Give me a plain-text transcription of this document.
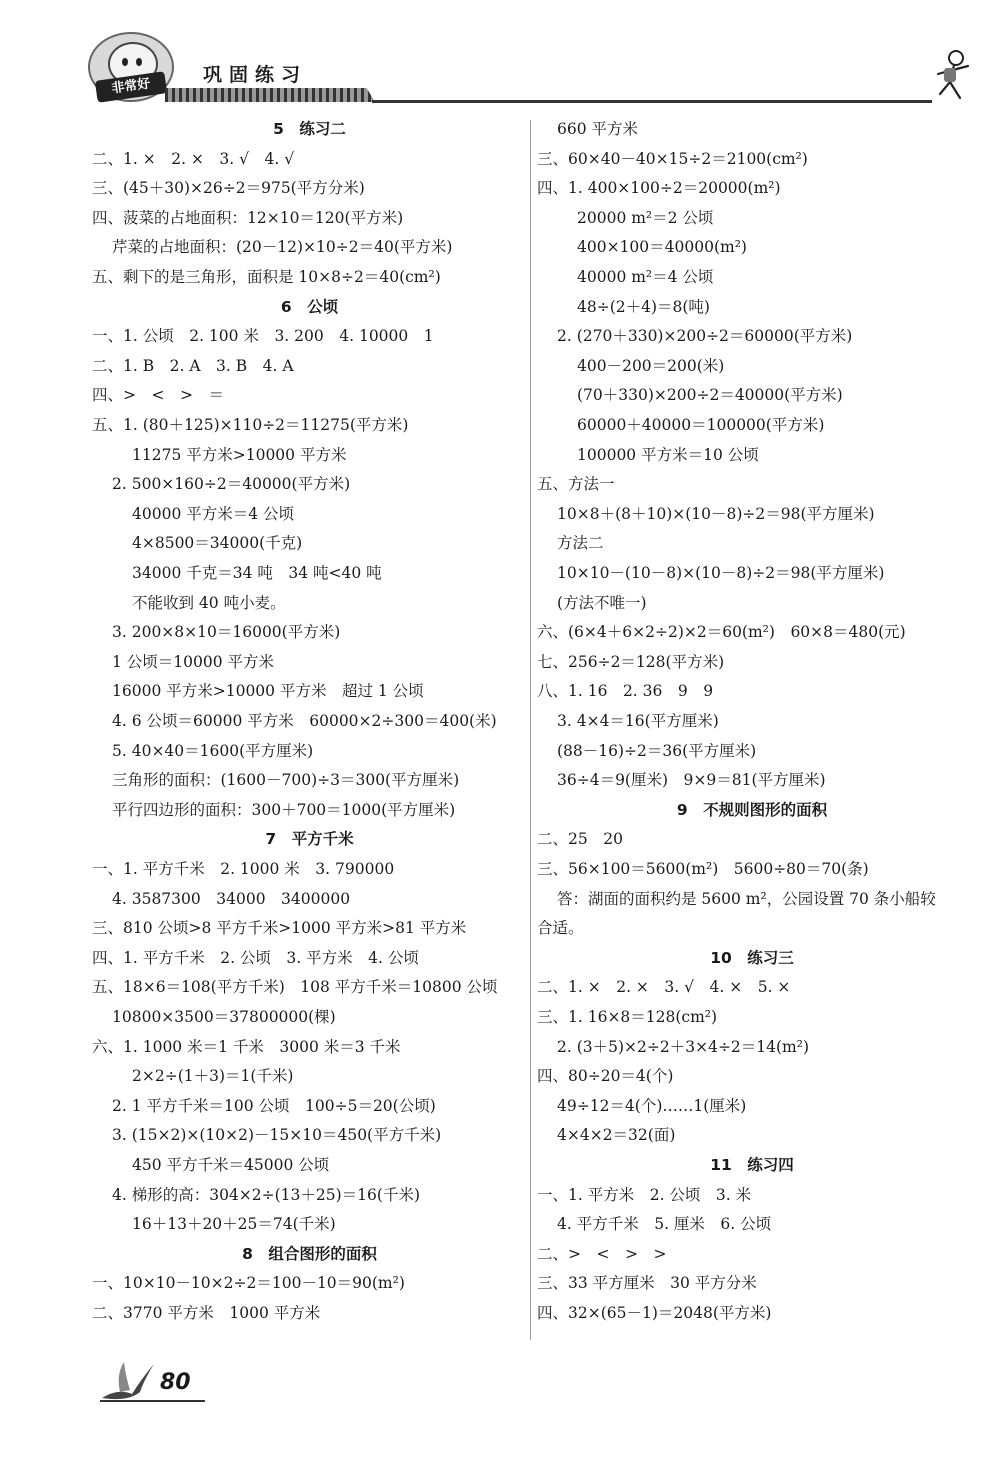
非常好
巩固练习
5　练习二
二、1. ×　2. ×　3. √　4. √
三、(45＋30)×26÷2＝975(平方分米)
四、菠菜的占地面积：12×10＝120(平方米)
芹菜的占地面积：(20－12)×10÷2＝40(平方米)
五、剩下的是三角形，面积是 10×8÷2＝40(cm²)
6　公顷
一、1. 公顷　2. 100 米　3. 200　4. 10000　1
二、1. B　2. A　3. B　4. A
四、>　<　>　＝
五、1. (80＋125)×110÷2＝11275(平方米)
11275 平方米>10000 平方米
2. 500×160÷2＝40000(平方米)
40000 平方米＝4 公顷
4×8500＝34000(千克)
34000 千克＝34 吨　34 吨<40 吨
不能收到 40 吨小麦。
3. 200×8×10＝16000(平方米)
1 公顷＝10000 平方米
16000 平方米>10000 平方米　超过 1 公顷
4. 6 公顷＝60000 平方米　60000×2÷300＝400(米)
5. 40×40＝1600(平方厘米)
三角形的面积：(1600－700)÷3＝300(平方厘米)
平行四边形的面积：300＋700＝1000(平方厘米)
7　平方千米
一、1. 平方千米　2. 1000 米　3. 790000
4. 3587300　34000　3400000
三、810 公顷>8 平方千米>1000 平方米>81 平方米
四、1. 平方千米　2. 公顷　3. 平方米　4. 公顷
五、18×6＝108(平方千米)　108 平方千米＝10800 公顷
10800×3500＝37800000(棵)
六、1. 1000 米＝1 千米　3000 米＝3 千米
2×2÷(1＋3)＝1(千米)
2. 1 平方千米＝100 公顷　100÷5＝20(公顷)
3. (15×2)×(10×2)－15×10＝450(平方千米)
450 平方千米＝45000 公顷
4. 梯形的高：304×2÷(13＋25)＝16(千米)
16＋13＋20＋25＝74(千米)
8　组合图形的面积
一、10×10－10×2÷2＝100－10＝90(m²)
二、3770 平方米　1000 平方米
660 平方米
三、60×40－40×15÷2＝2100(cm²)
四、1. 400×100÷2＝20000(m²)
20000 m²＝2 公顷
400×100＝40000(m²)
40000 m²＝4 公顷
48÷(2＋4)＝8(吨)
2. (270＋330)×200÷2＝60000(平方米)
400－200＝200(米)
(70＋330)×200÷2＝40000(平方米)
60000＋40000＝100000(平方米)
100000 平方米＝10 公顷
五、方法一
10×8＋(8＋10)×(10－8)÷2＝98(平方厘米)
方法二
10×10－(10－8)×(10－8)÷2＝98(平方厘米)
(方法不唯一)
六、(6×4＋6×2÷2)×2＝60(m²)　60×8＝480(元)
七、256÷2＝128(平方米)
八、1. 16　2. 36　9　9
3. 4×4＝16(平方厘米)
(88－16)÷2＝36(平方厘米)
36÷4＝9(厘米)　9×9＝81(平方厘米)
9　不规则图形的面积
二、25　20
三、56×100＝5600(m²)　5600÷80＝70(条)
答：湖面的面积约是 5600 m²，公园设置 70 条小船较
合适。
10　练习三
二、1. ×　2. ×　3. √　4. ×　5. ×
三、1. 16×8＝128(cm²)
2. (3＋5)×2÷2＋3×4÷2＝14(m²)
四、80÷20＝4(个)
49÷12＝4(个)……1(厘米)
4×4×2＝32(面)
11　练习四
一、1. 平方米　2. 公顷　3. 米
4. 平方千米　5. 厘米　6. 公顷
二、>　<　>　>
三、33 平方厘米　30 平方分米
四、32×(65－1)＝2048(平方米)
80
